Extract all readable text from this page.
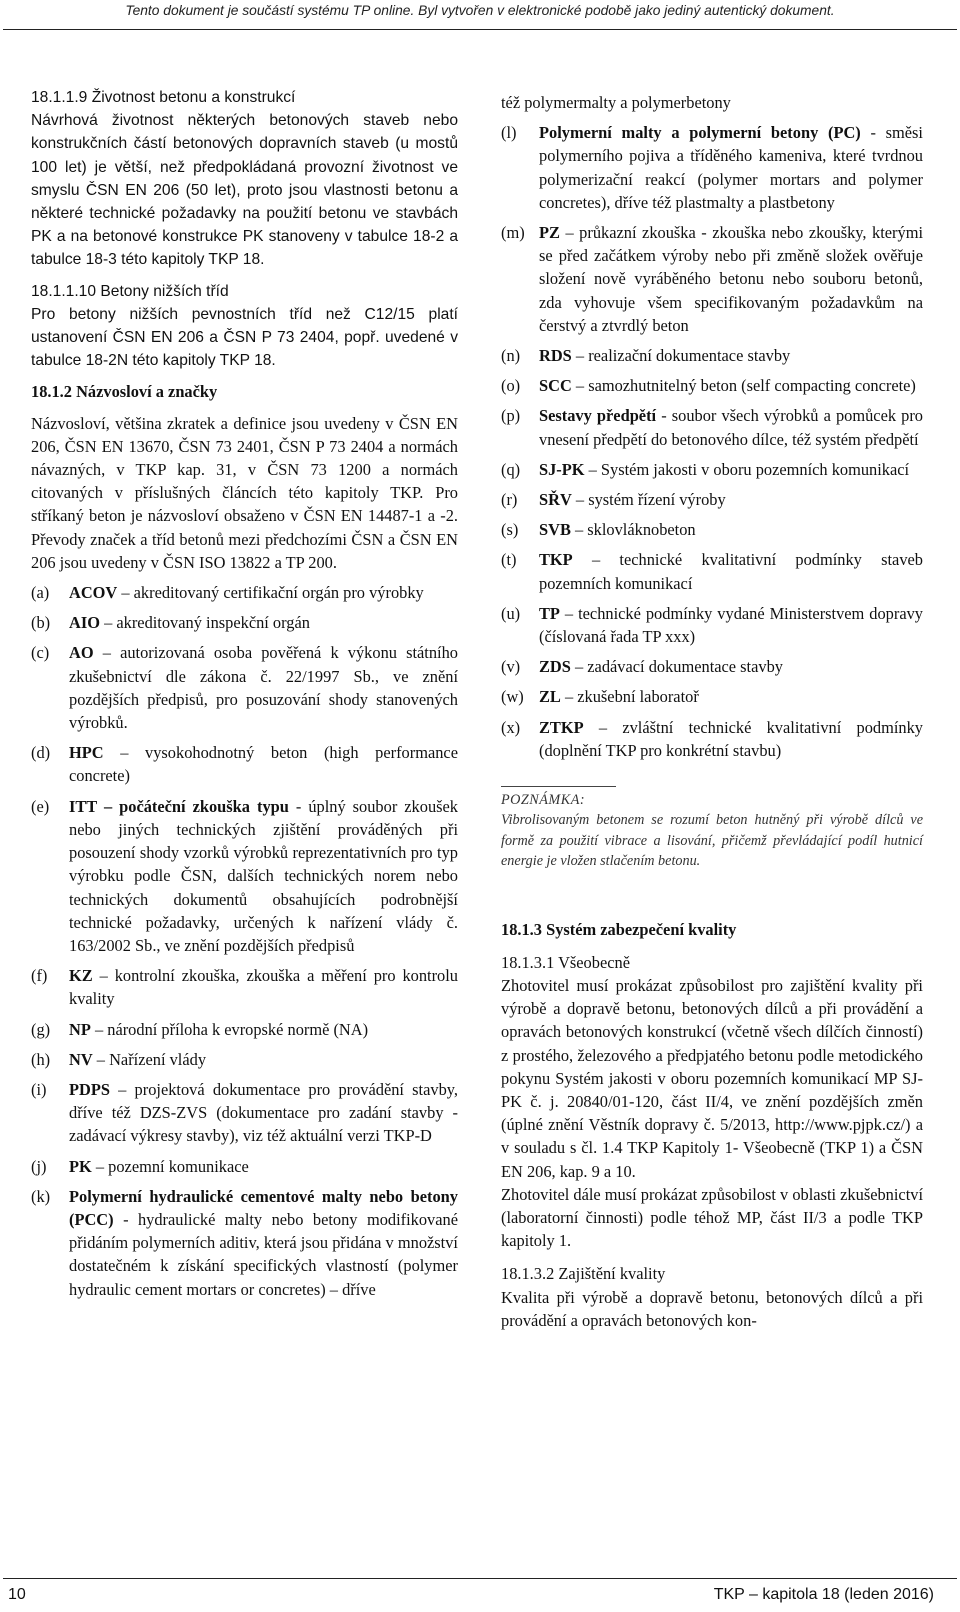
Tento dokument je součástí systému TP online. Byl vytvořen v elektronické podobě jako jediný autentický dokument.

18.1.1.9 Životnost betonu a konstrukcí

Návrhová životnost některých betonových staveb nebo konstrukčních částí betonových dopravních staveb (u mostů 100 let) je větší, než předpokládaná provozní životnost ve smyslu ČSN EN 206 (50 let), proto jsou vlastnosti betonu a některé technické požadavky na použití betonu ve stavbách PK a na betonové konstrukce PK stanoveny v tabulce 18-2 a tabulce 18-3 této kapitoly TKP 18.

18.1.1.10 Betony nižších tříd

Pro betony nižších pevnostních tříd než C12/15 platí ustanovení ČSN EN 206 a ČSN P 73 2404, popř. uvedené v tabulce 18-2N této kapitoly TKP 18.

18.1.2 Názvosloví a značky

Názvosloví, většina zkratek a definice jsou uvedeny v ČSN EN 206, ČSN EN 13670, ČSN 73 2401, ČSN P 73 2404 a normách návazných, v TKP kap. 31, v ČSN 73 1200 a normách citovaných v příslušných článcích této kapitoly TKP. Pro stříkaný beton je názvosloví obsaženo v ČSN EN 14487-1 a -2. Převody značek a tříd betonů mezi předchozími ČSN a ČSN EN 206 jsou uvedeny v ČSN ISO 13822 a TP 200.

(a)	ACOV – akreditovaný certifikační orgán pro výrobky
(b)	AIO – akreditovaný inspekční orgán
(c)	AO – autorizovaná osoba pověřená k výkonu státního zkušebnictví dle zákona č. 22/1997 Sb., ve znění pozdějších předpisů, pro posuzování shody stanovených výrobků.
(d)	HPC – vysokohodnotný beton (high performance concrete)
(e)	ITT – počáteční zkouška typu - úplný soubor zkoušek nebo jiných technických zjištění prováděných při posouzení shody vzorků výrobků reprezentativních pro typ výrobku podle ČSN, dalších technických norem nebo technických dokumentů obsahujících podrobnější technické požadavky, určených k nařízení vlády č. 163/2002 Sb., ve znění pozdějších předpisů
(f)	KZ – kontrolní zkouška, zkouška a měření pro kontrolu kvality
(g)	NP – národní příloha k evropské normě (NA)
(h)	NV – Nařízení vlády
(i)	PDPS – projektová dokumentace pro provádění stavby, dříve též DZS-ZVS (dokumentace pro zadání stavby - zadávací výkresy stavby), viz též aktuální verzi TKP-D
(j)	PK – pozemní komunikace
(k)	Polymerní hydraulické cementové malty nebo betony (PCC) - hydraulické malty nebo betony modifikované přidáním polymerních aditiv, která jsou přidána v množství dostatečném k získání specifických vlastností (polymer hydraulic cement mortars or concretes) – dříve

též polymermalty a polymerbetony

(l)	Polymerní malty a polymerní betony (PC) - směsi polymerního pojiva a tříděného kameniva, které tvrdnou polymerizační reakcí (polymer mortars and polymer concretes), dříve též plastmalty a plastbetony
(m) PZ – průkazní zkouška - zkouška nebo zkoušky, kterými se před začátkem výroby nebo při změně složek ověřuje složení nově vyráběného betonu nebo souboru betonů, zda vyhovuje všem specifikovaným požadavkům na čerstvý a ztvrdlý beton
(n)	RDS – realizační dokumentace stavby
(o)	SCC – samozhutnitelný beton (self compacting concrete)
(p)	Sestavy předpětí - soubor všech výrobků a pomůcek pro vnesení předpětí do betonového dílce, též systém předpětí
(q)	SJ-PK – Systém jakosti v oboru pozemních komunikací
(r)	SŘV – systém řízení výroby
(s)	SVB – sklovláknobeton
(t)	TKP – technické kvalitativní podmínky staveb pozemních komunikací
(u)	TP – technické podmínky vydané Ministerstvem dopravy (číslovaná řada TP xxx)
(v)	ZDS – zadávací dokumentace stavby
(w) ZL – zkušební laboratoř
(x)	ZTKP – zvláštní technické kvalitativní podmínky (doplnění TKP pro konkrétní stavbu)

POZNÁMKA:

Vibrolisovaným betonem se rozumí beton hutněný při výrobě dílců ve formě za použití vibrace a lisování, přičemž převládající podíl hutnicí energie je vložen stlačením betonu.

18.1.3 Systém zabezpečení kvality

18.1.3.1 Všeobecně

Zhotovitel musí prokázat způsobilost pro zajištění kvality při výrobě a dopravě betonu, betonových dílců a při provádění a opravách betonových konstrukcí (včetně všech dílčích činností) z prostého, železového a předpjatého betonu podle metodického pokynu Systém jakosti v oboru pozemních komunikací MP SJ-PK č. j. 20840/01-120, část II/4, ve znění pozdějších změn (úplné znění Věstník dopravy č. 5/2013, http://www.pjpk.cz/) a v souladu s čl. 1.4 TKP Kapitoly 1- Všeobecně (TKP 1) a ČSN EN 206, kap. 9 a 10.

Zhotovitel dále musí prokázat způsobilost v oblasti zkušebnictví (laboratorní činnosti) podle téhož MP, část II/3 a podle TKP kapitoly 1.

18.1.3.2 Zajištění kvality

Kvalita při výrobě a dopravě betonu, betonových dílců a při provádění a opravách betonových kon-

10	TKP – kapitola 18 (leden 2016)
